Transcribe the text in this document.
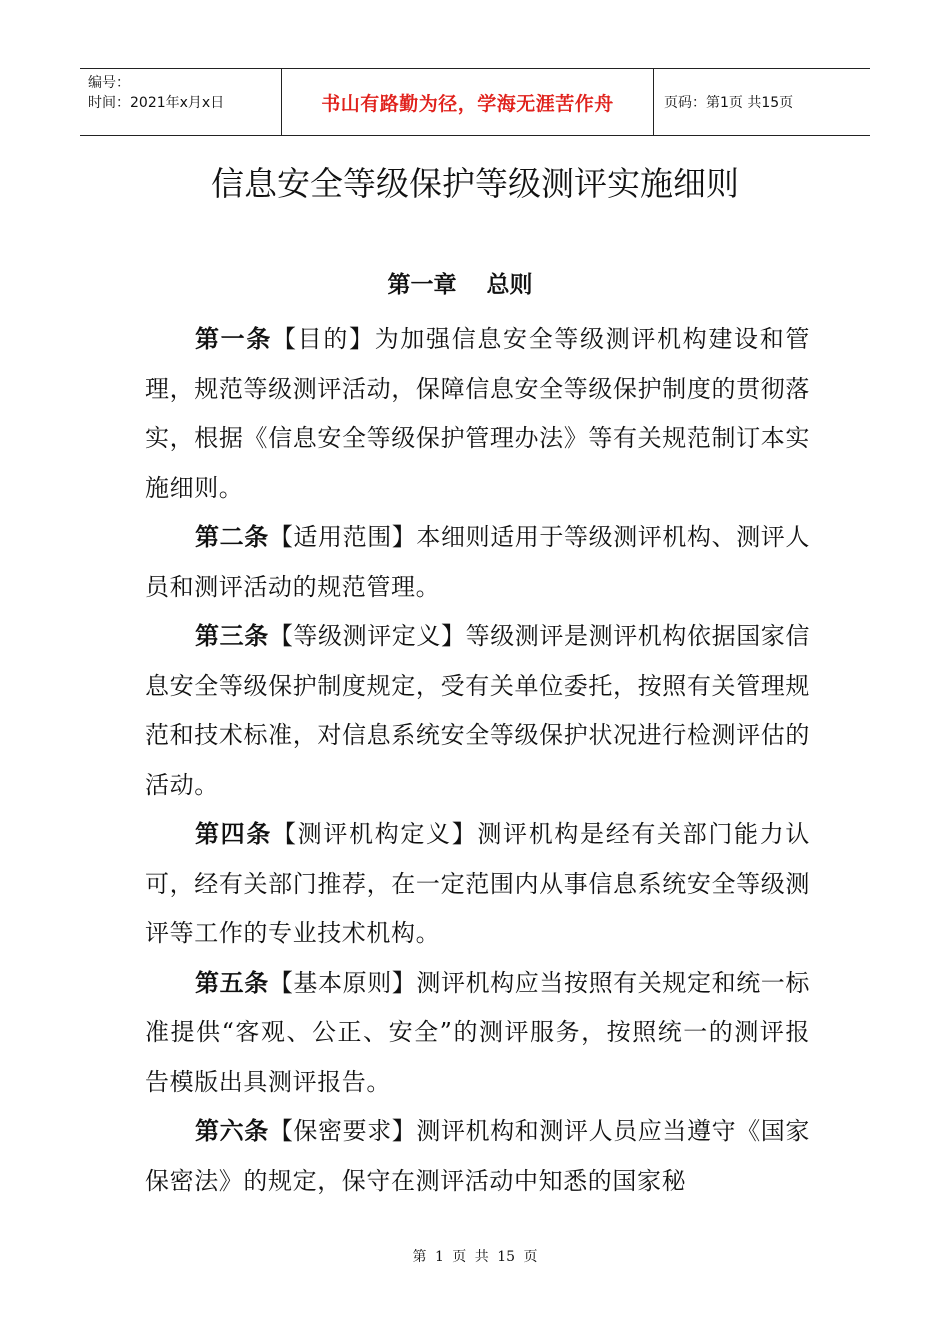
编号：
时间：2021年x月x日	书山有路勤为径，学海无涯苦作舟	页码：第1页 共15页
信息安全等级保护等级测评实施细则
第一章 总则

第一条【目的】为加强信息安全等级测评机构建设和管理，规范等级测评活动，保障信息安全等级保护制度的贯彻落实，根据《信息安全等级保护管理办法》等有关规范制订本实施细则。

第二条【适用范围】本细则适用于等级测评机构、测评人员和测评活动的规范管理。

第三条【等级测评定义】等级测评是测评机构依据国家信息安全等级保护制度规定，受有关单位委托，按照有关管理规范和技术标准，对信息系统安全等级保护状况进行检测评估的活动。

第四条【测评机构定义】测评机构是经有关部门能力认可，经有关部门推荐，在一定范围内从事信息系统安全等级测评等工作的专业技术机构。

第五条【基本原则】测评机构应当按照有关规定和统一标准提供“客观、公正、安全”的测评服务，按照统一的测评报告模版出具测评报告。

第六条【保密要求】测评机构和测评人员应当遵守《国家保密法》的规定，保守在测评活动中知悉的国家秘

第 1 页 共 15 页
